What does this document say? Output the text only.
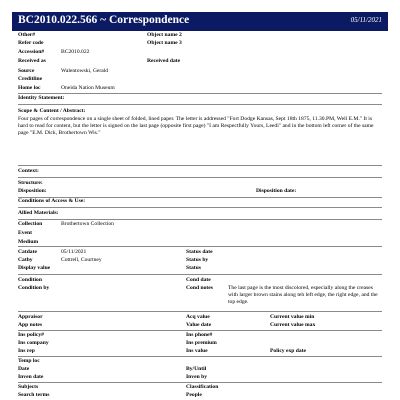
BC2010.022.566 ~ Correspondence	05/11/2021
Other#	Object name 2
Refer code	Object name 3
Accession#	BC2010.022
Received as	Received date
Source	Walentowski, Gerald
Creditline
Home loc	Oneida Nation Museum
Identity Statement:
Scope & Content / Abstract:
Four pages of correspondence on a single sheet of folded, lined paper. The letter is addressed "Fort Dodge Kansas, Sept 18th 1875, 11.30.PM, Well E.M." It is hard to read for content, but the letter is signed on the last page (opposite first page) "I am Respectfully Yours, Leedi" and in the bottom left corner of the same page "E.M. Dick, Brothertown Wis."
Context:
Structure:
Disposition:	Disposition date:
Conditions of Access & Use:
Allied Materials:
Collection	Brothertown Collection
Event
Medium
Catdate	05/11/2021	Status date
Catby	Cottrell, Courtney	Status by
Display value	Status
Condition	Cond date
Condition by	Cond notes	The last page is the most discolored, especially along the creases with larger brown stains along teh left edge, the right edge, and the top edge.
Appraisor	Acq value	Current value min
App notes	Value date	Current value max
Ins policy#	Ins phone#
Ins company	Ins premium
Ins rep	Ins value	Policy exp date
Temp loc
Date	By/Until
Inven date	Inven by
Subjects	Classification
Search terms	People
